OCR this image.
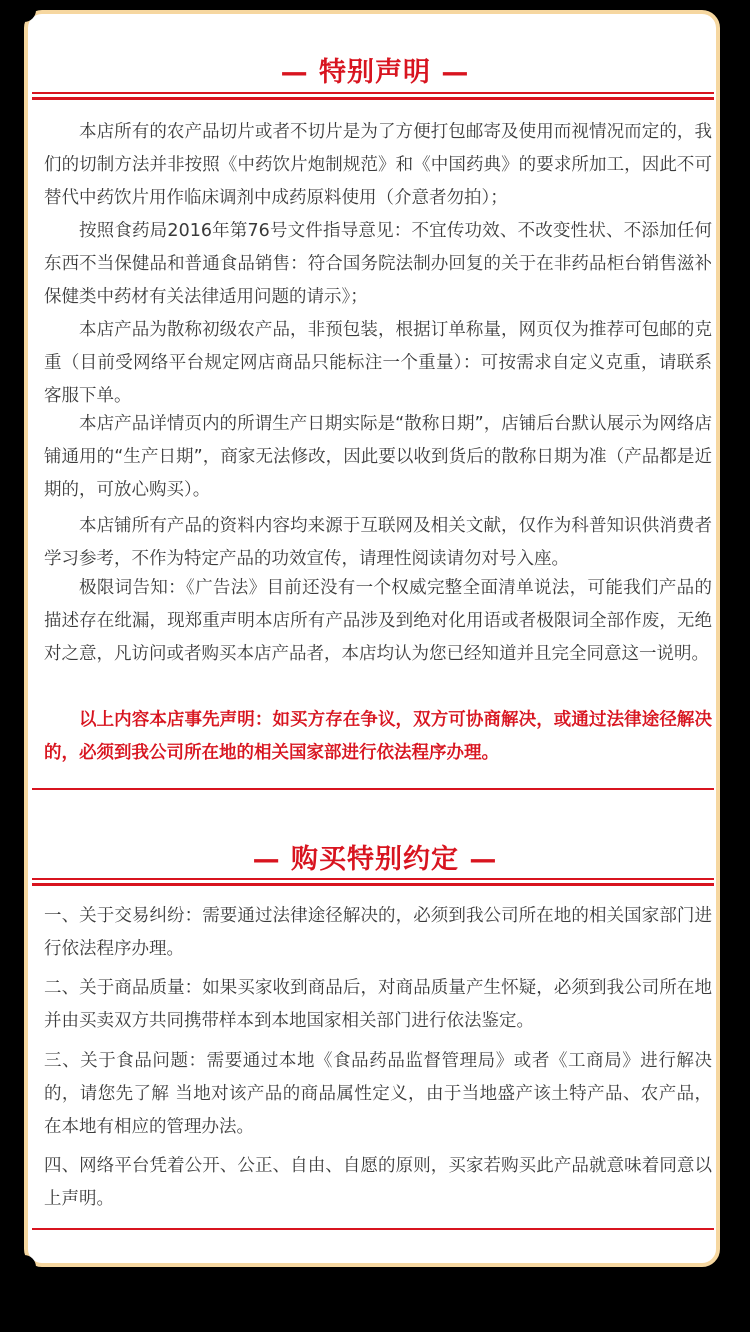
— 特别声明 —

本店所有的农产品切片或者不切片是为了方便打包邮寄及使用而视情况而定的，我们的切制方法并非按照《中药饮片炮制规范》和《中国药典》的要求所加工，因此不可替代中药饮片用作临床调剂中成药原料使用（介意者勿拍）；

按照食药局2016年第76号文件指导意见：不宜传功效、不改变性状、不添加任何东西不当保健品和普通食品销售：符合国务院法制办回复的关于在非药品柜台销售滋补保健类中药材有关法律适用问题的请示》；

本店产品为散称初级农产品，非预包装，根据订单称量，网页仅为推荐可包邮的克重（目前受网络平台规定网店商品只能标注一个重量）：可按需求自定义克重，请联系客服下单。

本店产品详情页内的所谓生产日期实际是“散称日期”，店铺后台默认展示为网络店铺通用的“生产日期”，商家无法修改，因此要以收到货后的散称日期为准（产品都是近期的，可放心购买）。

本店铺所有产品的资料内容均来源于互联网及相关文献，仅作为科普知识供消费者学习参考，不作为特定产品的功效宣传，请理性阅读请勿对号入座。

极限词告知：《广告法》目前还没有一个权威完整全面清单说法，可能我们产品的描述存在纰漏，现郑重声明本店所有产品涉及到绝对化用语或者极限词全部作废，无绝对之意，凡访问或者购买本店产品者，本店均认为您已经知道并且完全同意这一说明。

以上内容本店事先声明：如买方存在争议，双方可协商解决，或通过法律途径解决的，必须到我公司所在地的相关国家部进行依法程序办理。

— 购买特别约定 —

一、关于交易纠纷：需要通过法律途径解决的，必须到我公司所在地的相关国家部门进行依法程序办理。

二、关于商品质量：如果买家收到商品后，对商品质量产生怀疑，必须到我公司所在地并由买卖双方共同携带样本到本地国家相关部门进行依法鉴定。

三、关于食品问题：需要通过本地《食品药品监督管理局》或者《工商局》进行解决的，请您先了解 当地对该产品的商品属性定义，由于当地盛产该土特产品、农产品，在本地有相应的管理办法。

四、网络平台凭着公开、公正、自由、自愿的原则，买家若购买此产品就意味着同意以上声明。
